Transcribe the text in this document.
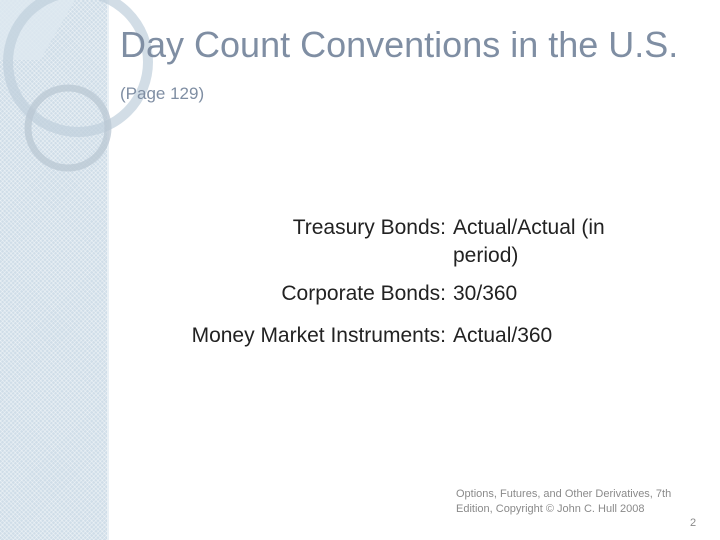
Day Count Conventions in the U.S. (Page 129)
Treasury Bonds: Actual/Actual (in period)
Corporate Bonds: 30/360
Money Market Instruments: Actual/360
Options, Futures, and Other Derivatives, 7th Edition, Copyright © John C. Hull 2008
2
